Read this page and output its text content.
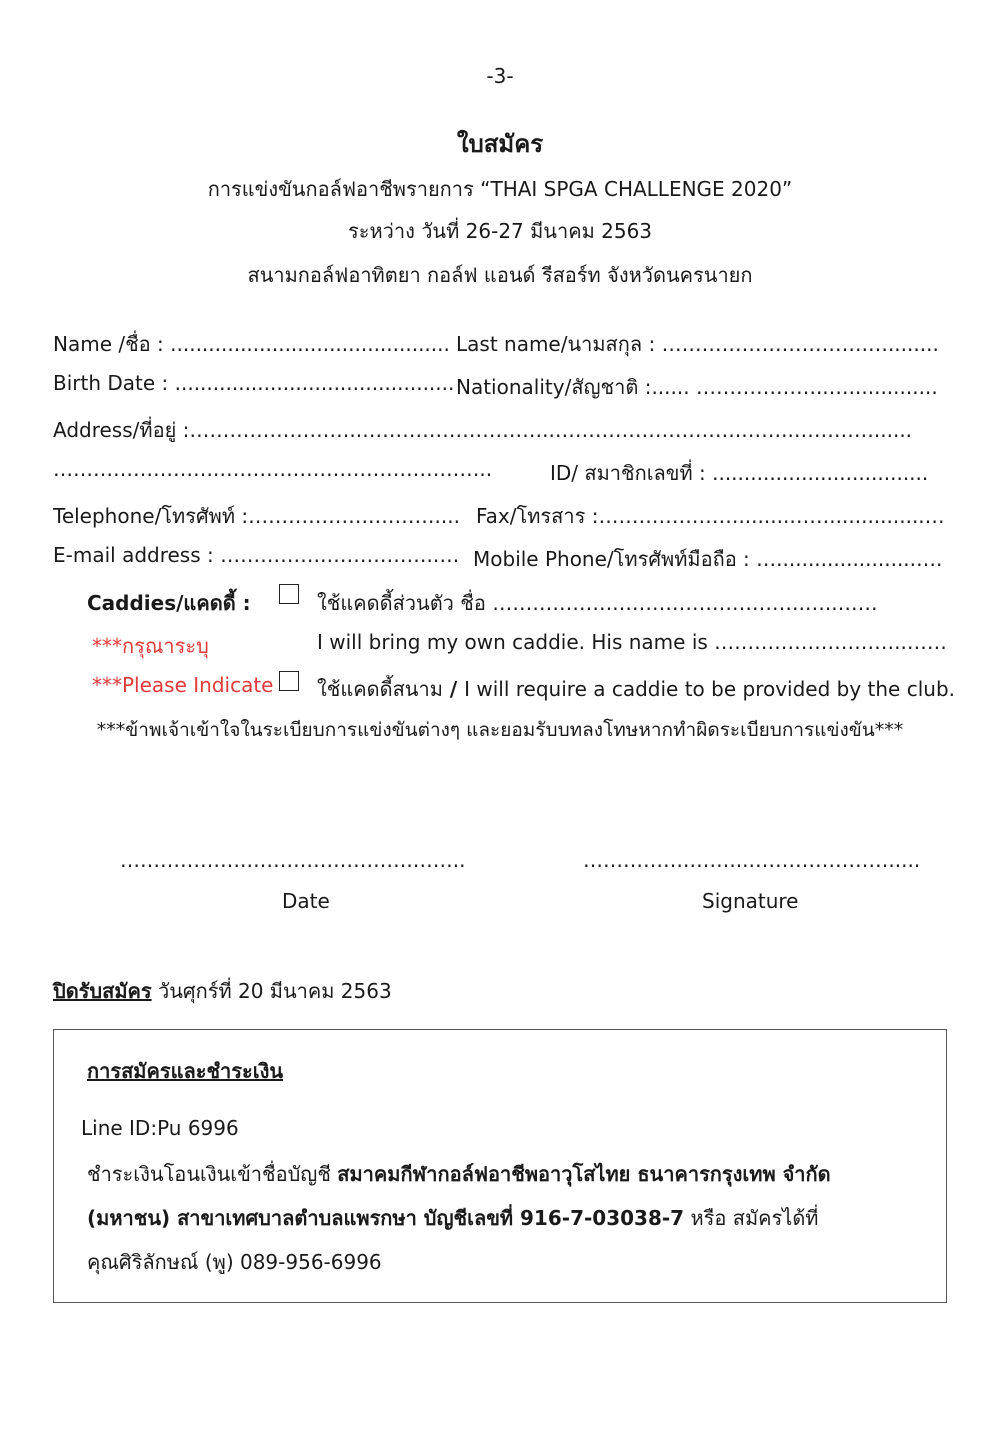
-3-
ใบสมัคร
การแข่งขันกอล์ฟอาชีพรายการ “THAI SPGA CHALLENGE 2020”
ระหว่าง วันที่ 26-27 มีนาคม 2563
สนามกอล์ฟอาทิตยา กอล์ฟ แอนด์ รีสอร์ท จังหวัดนครนายก
Name /ชื่อ : ............................................ Last name/นามสกุล : ………………………….…........
Birth Date : ............................................ Nationality/สัญชาติ :...... ………………..…..............
Address/ที่อยู่ :……………………..………………………..……………………….……..…………......
…………………….…………………………………..	ID/ สมาชิกเลขที่ : ..................................
Telephone/โทรศัพท์ :……………….……….... Fax/โทรสาร :…………………........……...............…
E-mail address : …………….…………….…. Mobile Phone/โทรศัพท์มือถือ : …......................….
Caddies/แคดดี้ :	ใช้แคดดี้ส่วนตัว ชื่อ ……………….……………………….…..……
***กรุณาระบุ	I will bring my own caddie. His name is ………………………..……
***Please Indicate ใช้แคดดี้สนาม / I will require a caddie to be provided by the club.
***ข้าพเจ้าเข้าใจในระเบียบการแข่งขันต่างๆ และยอมรับบทลงโทษหากทำผิดระเบียบการแข่งขัน***
……………….…………………….……..	…………….……...………………….....
Date	Signature
ปิดรับสมัคร วันศุกร์ที่ 20 มีนาคม 2563
การสมัครและชำระเงิน
Line ID:Pu 6996
ชำระเงินโอนเงินเข้าชื่อบัญชี สมาคมกีฬากอล์ฟอาชีพอาวุโสไทย ธนาคารกรุงเทพ จำกัด
(มหาชน) สาขาเทศบาลตำบลแพรกษา บัญชีเลขที่ 916-7-03038-7 หรือ สมัครได้ที่
คุณศิริลักษณ์ (พู) 089-956-6996
